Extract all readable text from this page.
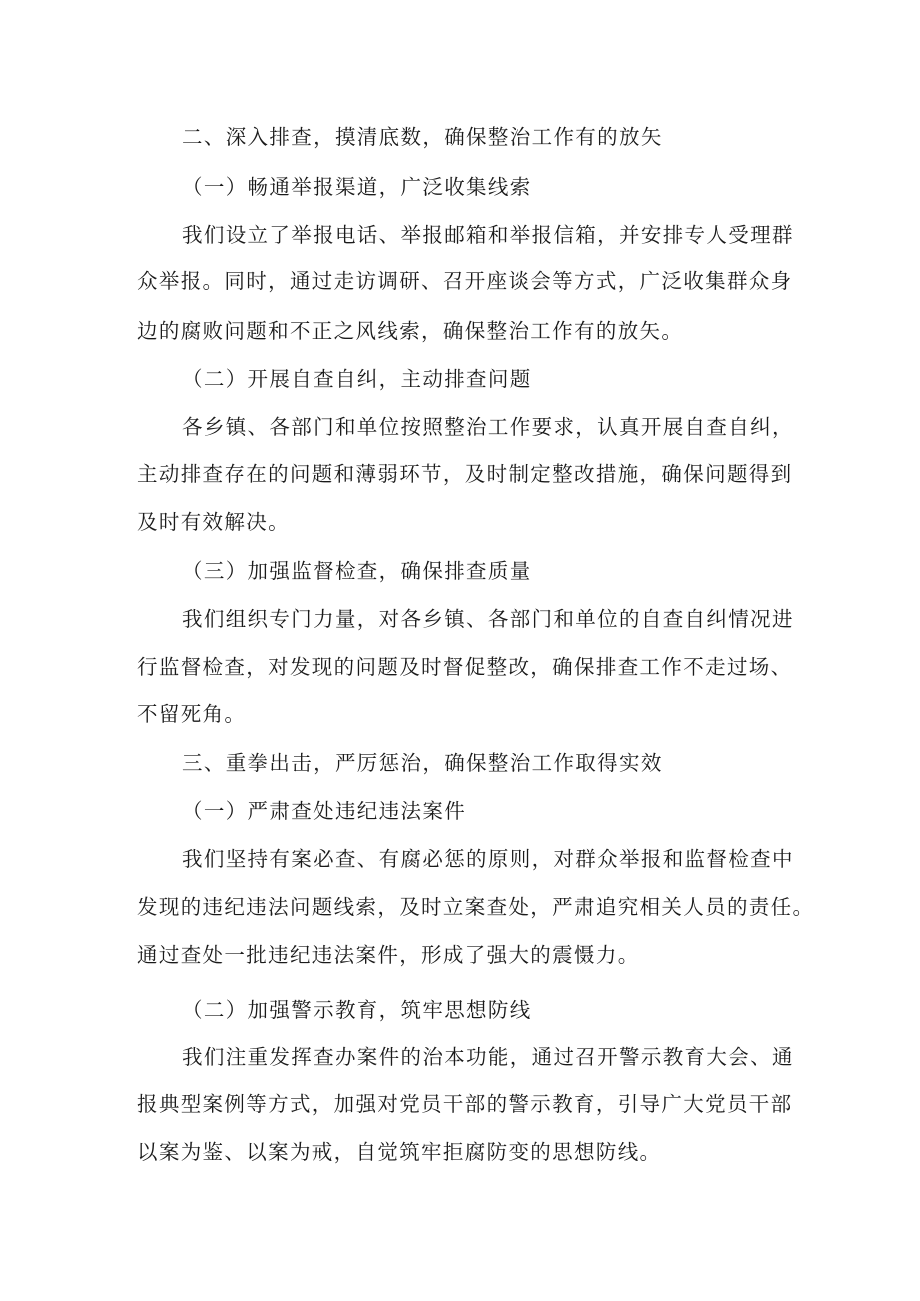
二、深入排查，摸清底数，确保整治工作有的放矢

（一）畅通举报渠道，广泛收集线索

我们设立了举报电话、举报邮箱和举报信箱，并安排专人受理群

众举报。同时，通过走访调研、召开座谈会等方式，广泛收集群众身

边的腐败问题和不正之风线索，确保整治工作有的放矢。

（二）开展自查自纠，主动排查问题

各乡镇、各部门和单位按照整治工作要求，认真开展自查自纠，

主动排查存在的问题和薄弱环节，及时制定整改措施，确保问题得到

及时有效解决。

（三）加强监督检查，确保排查质量

我们组织专门力量，对各乡镇、各部门和单位的自查自纠情况进

行监督检查，对发现的问题及时督促整改，确保排查工作不走过场、

不留死角。

三、重拳出击，严厉惩治，确保整治工作取得实效

（一）严肃查处违纪违法案件

我们坚持有案必查、有腐必惩的原则，对群众举报和监督检查中

发现的违纪违法问题线索，及时立案查处，严肃追究相关人员的责任。

通过查处一批违纪违法案件，形成了强大的震慑力。

（二）加强警示教育，筑牢思想防线

我们注重发挥查办案件的治本功能，通过召开警示教育大会、通

报典型案例等方式，加强对党员干部的警示教育，引导广大党员干部

以案为鉴、以案为戒，自觉筑牢拒腐防变的思想防线。
